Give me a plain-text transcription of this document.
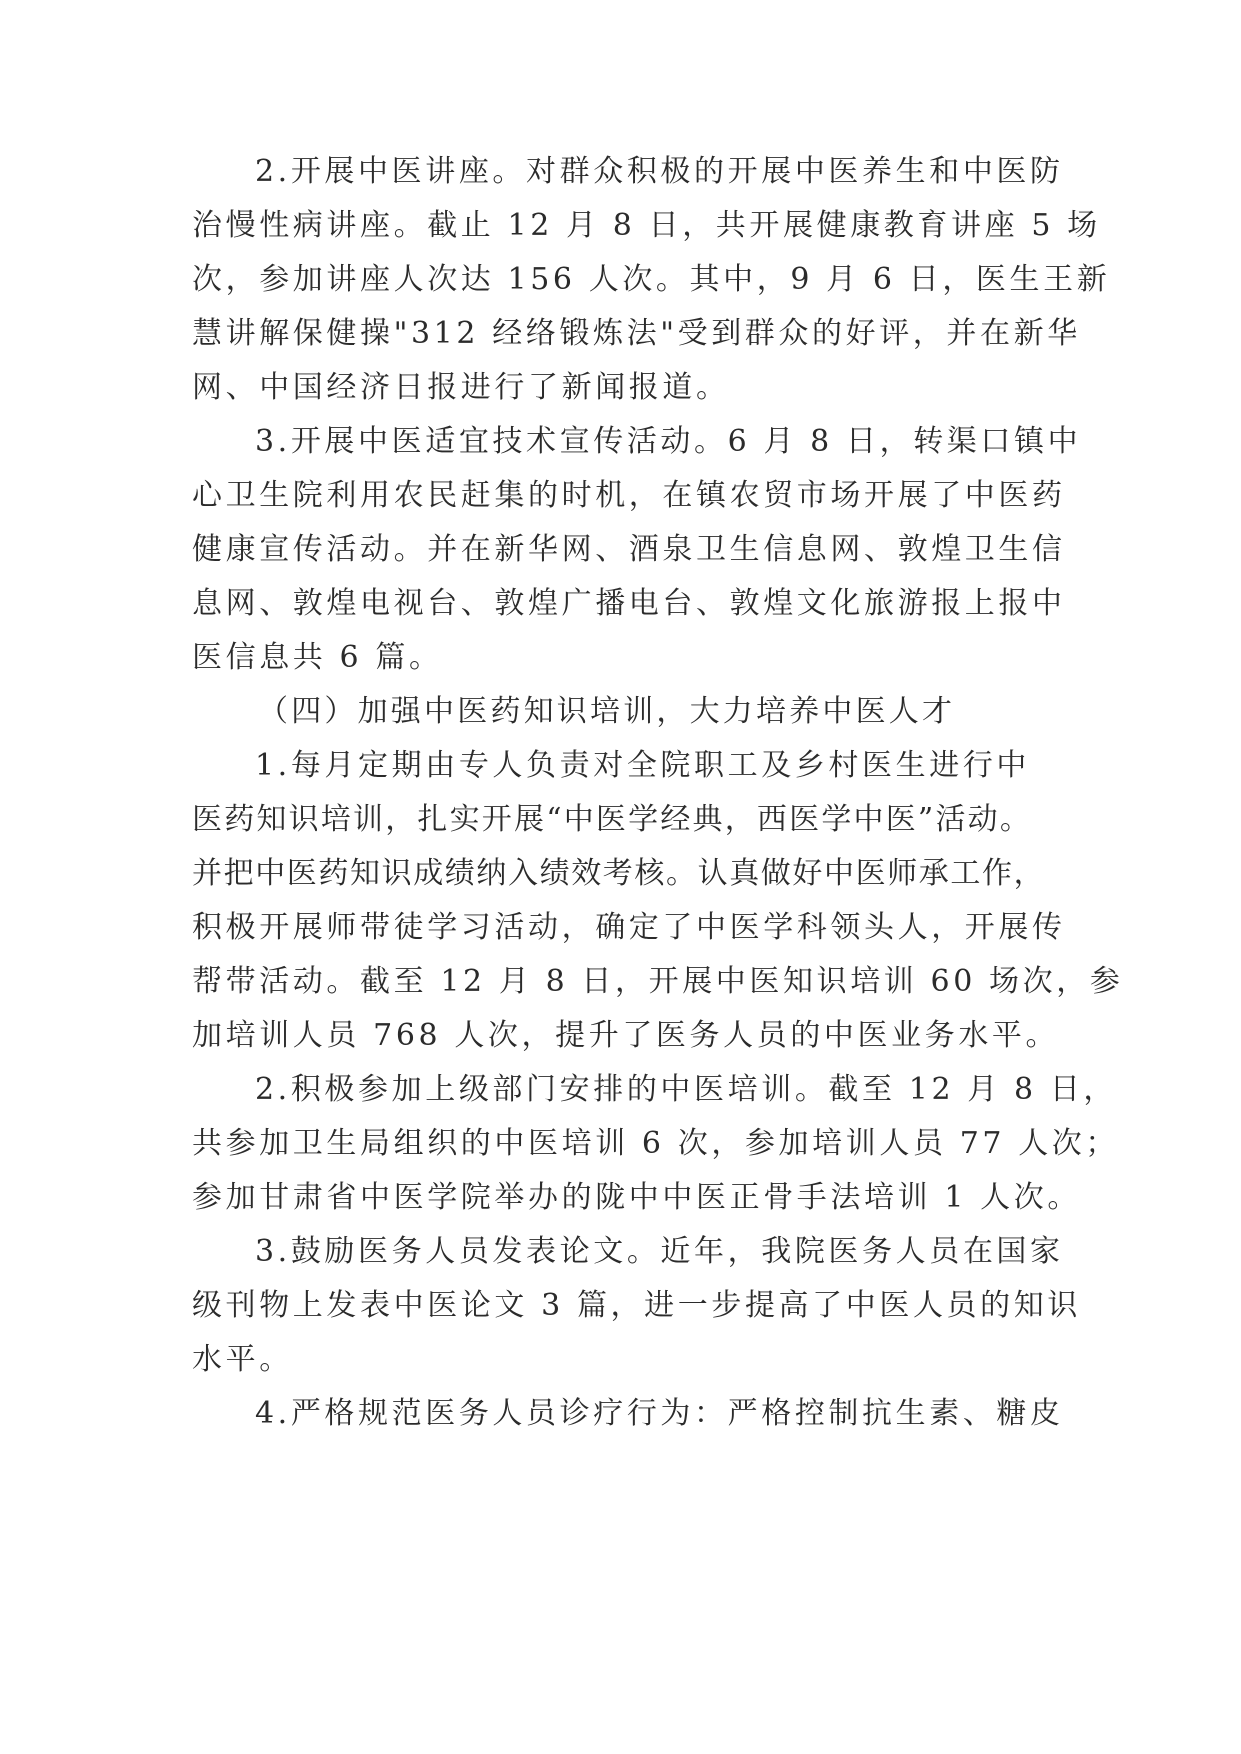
2.开展中医讲座。对群众积极的开展中医养生和中医防
治慢性病讲座。截止 12 月 8 日，共开展健康教育讲座 5 场
次，参加讲座人次达 156 人次。其中，9 月 6 日，医生王新
慧讲解保健操"312 经络锻炼法"受到群众的好评，并在新华
网、中国经济日报进行了新闻报道。
3.开展中医适宜技术宣传活动。6 月 8 日，转渠口镇中
心卫生院利用农民赶集的时机，在镇农贸市场开展了中医药
健康宣传活动。并在新华网、酒泉卫生信息网、敦煌卫生信
息网、敦煌电视台、敦煌广播电台、敦煌文化旅游报上报中
医信息共 6 篇。
（四）加强中医药知识培训，大力培养中医人才
1.每月定期由专人负责对全院职工及乡村医生进行中
医药知识培训，扎实开展“中医学经典，西医学中医”活动。
并把中医药知识成绩纳入绩效考核。认真做好中医师承工作，
积极开展师带徒学习活动，确定了中医学科领头人，开展传
帮带活动。截至 12 月 8 日，开展中医知识培训 60 场次，参
加培训人员 768 人次，提升了医务人员的中医业务水平。
2.积极参加上级部门安排的中医培训。截至 12 月 8 日，
共参加卫生局组织的中医培训 6 次，参加培训人员 77 人次；
参加甘肃省中医学院举办的陇中中医正骨手法培训 1 人次。
3.鼓励医务人员发表论文。近年，我院医务人员在国家
级刊物上发表中医论文 3 篇，进一步提高了中医人员的知识
水平。
4.严格规范医务人员诊疗行为：严格控制抗生素、糖皮
